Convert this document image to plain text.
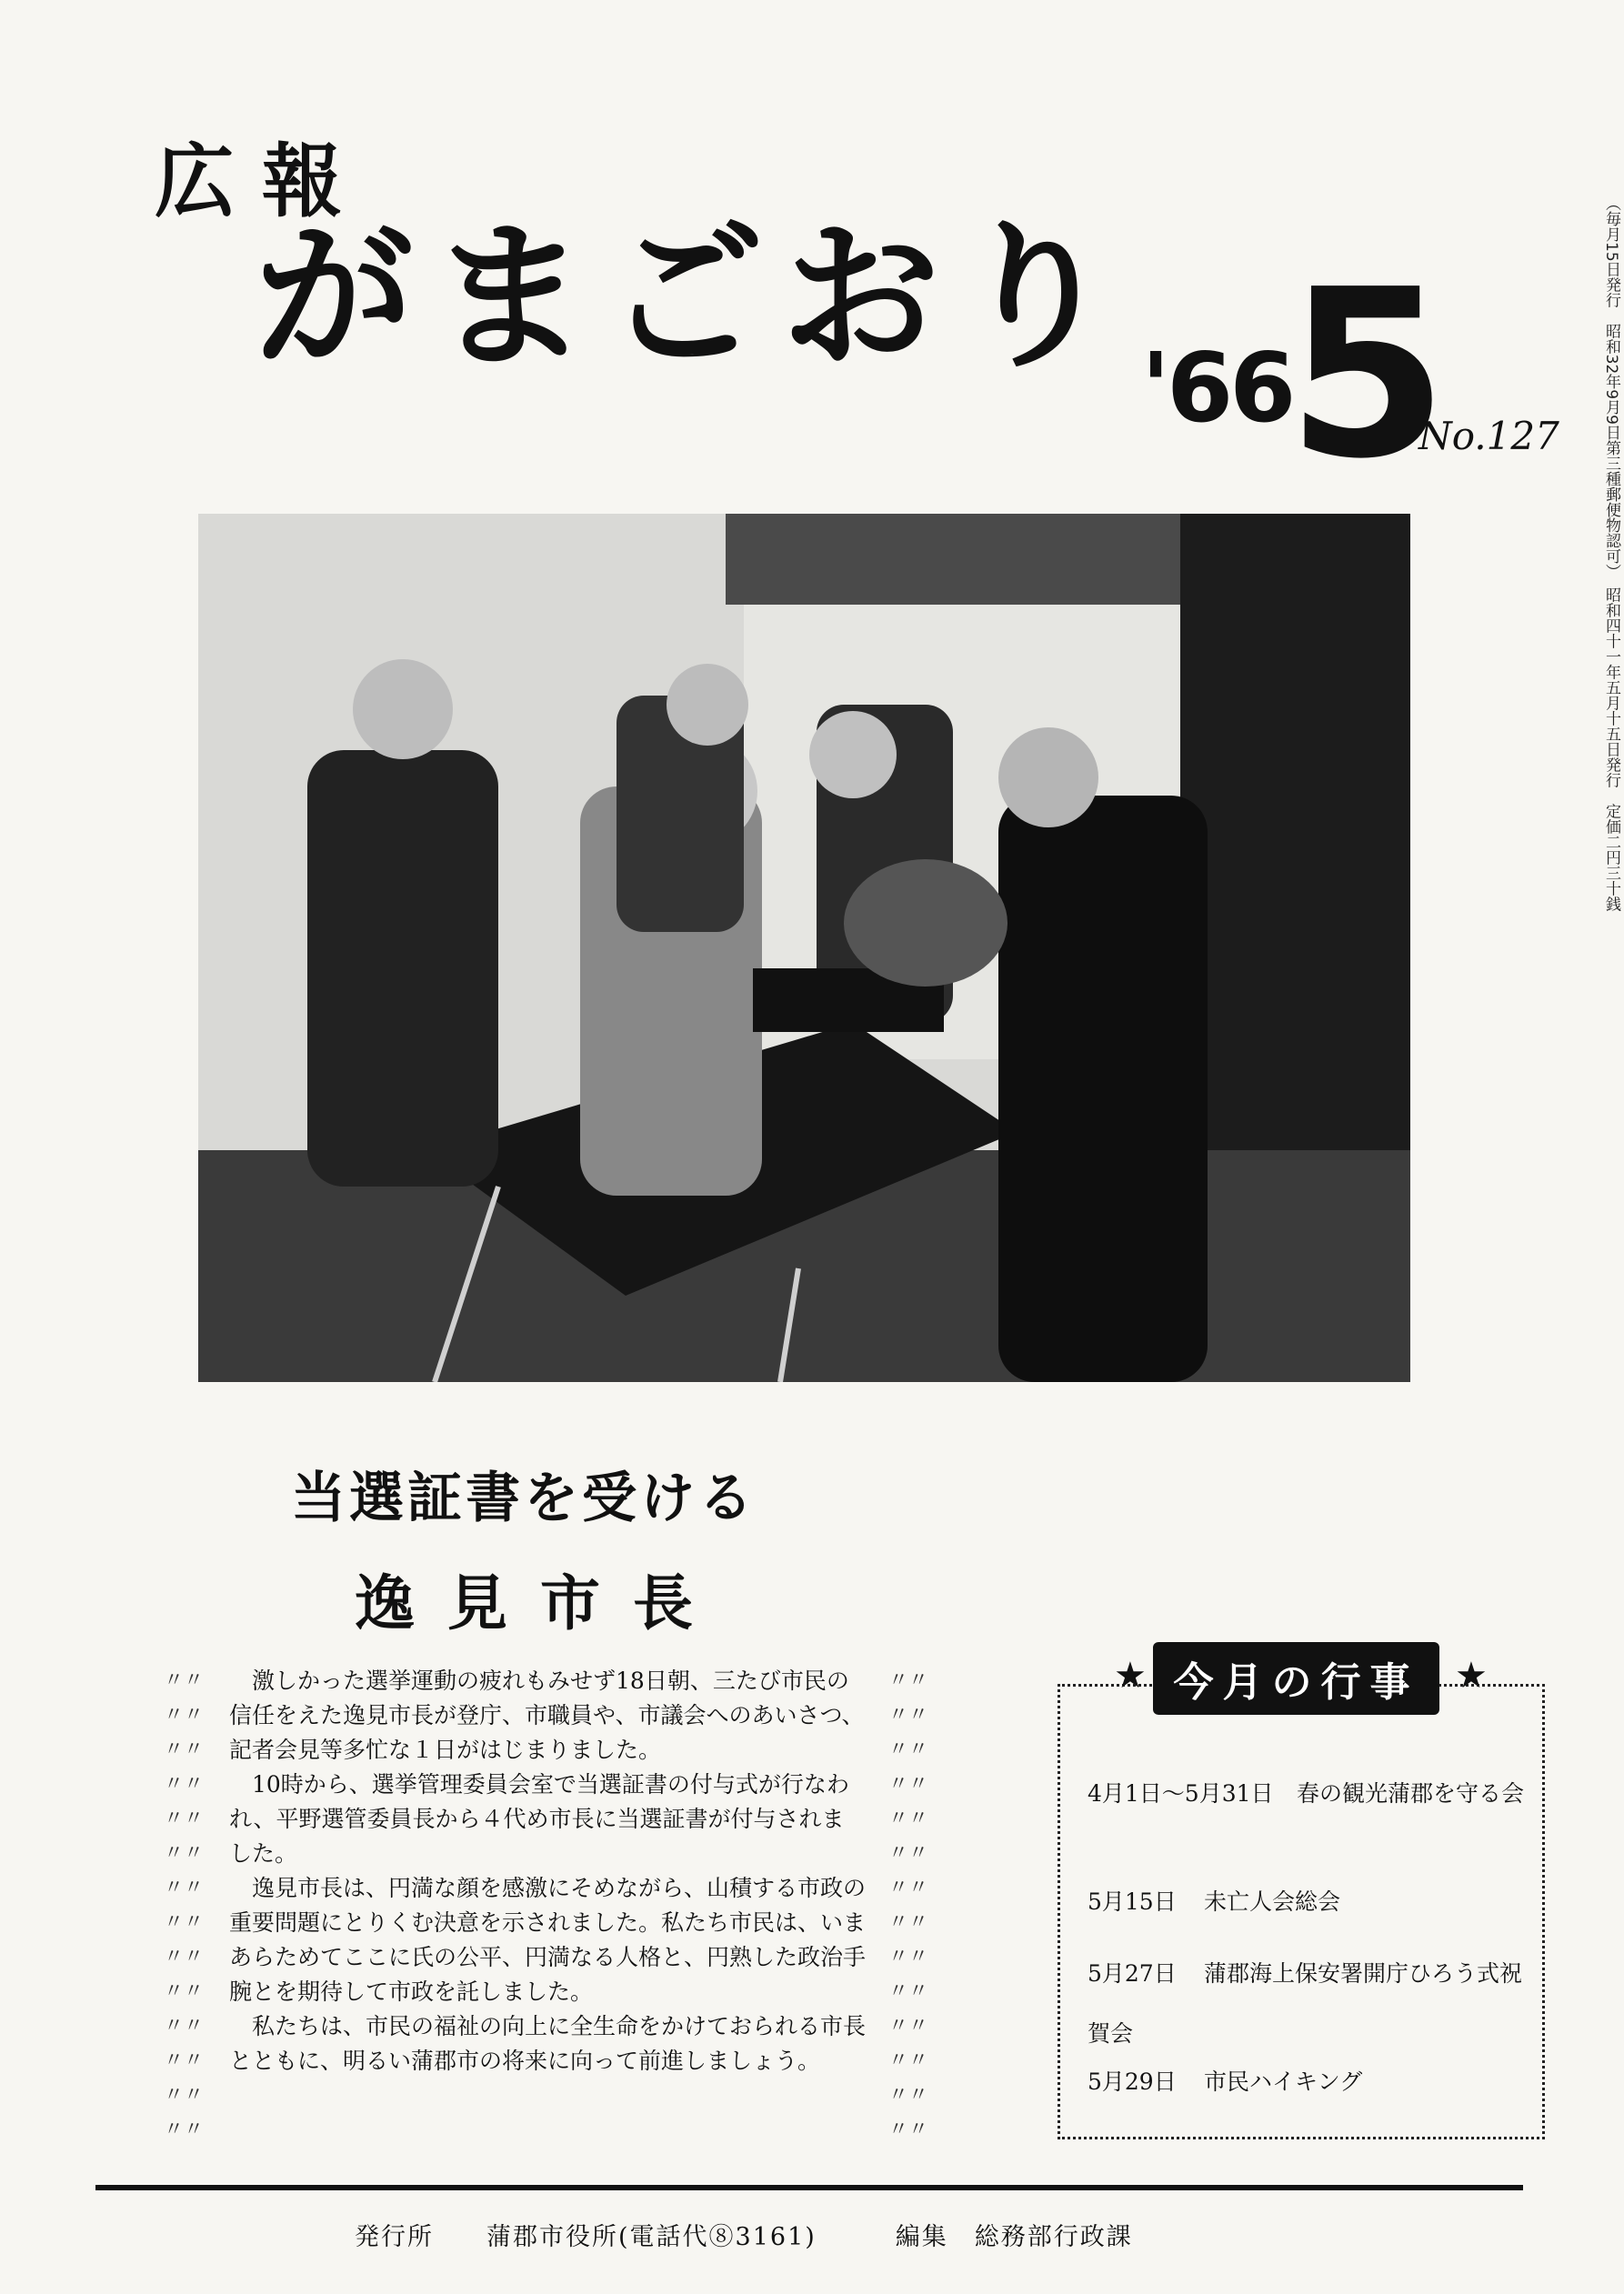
広報
がまごおり '66
5
No.127	（毎月15日発行　昭和32年9月9日第三種郵便物認可）　昭和四十一年五月十五日発行　定価二円三十銭
当選証書を受ける
逸見市長
〃〃
〃〃
〃〃
〃〃
〃〃
〃〃
〃〃
〃〃
〃〃
〃〃
〃〃
〃〃
〃〃
〃〃

激しかった選挙運動の疲れもみせず18日朝、三たび市民の信任をえた逸見市長が登庁、市職員や、市議会へのあいさつ、記者会見等多忙な１日がはじまりました。

10時から、選挙管理委員会室で当選証書の付与式が行なわれ、平野選管委員長から４代め市長に当選証書が付与されました。

逸見市長は、円満な顔を感激にそめながら、山積する市政の重要問題にとりくむ決意を示されました。私たち市民は、いまあらためてここに氏の公平、円満なる人格と、円熟した政治手腕とを期待して市政を託しました。

私たちは、市民の福祉の向上に全生命をかけておられる市長とともに、明るい蒲郡市の将来に向って前進しましょう。

〃〃
〃〃
〃〃
〃〃
〃〃
〃〃
〃〃
〃〃
〃〃
〃〃
〃〃
〃〃
〃〃
〃〃
★	★
今月の行事
4月1日～5月31日 春の観光蒲郡を守る会
5月15日 未亡人会総会
5月27日 蒲郡海上保安署開庁ひろう式祝賀会
5月29日 市民ハイキング
発行所　　 蒲郡市役所(電話代⑧3161)　　　	編集　 総務部行政課
